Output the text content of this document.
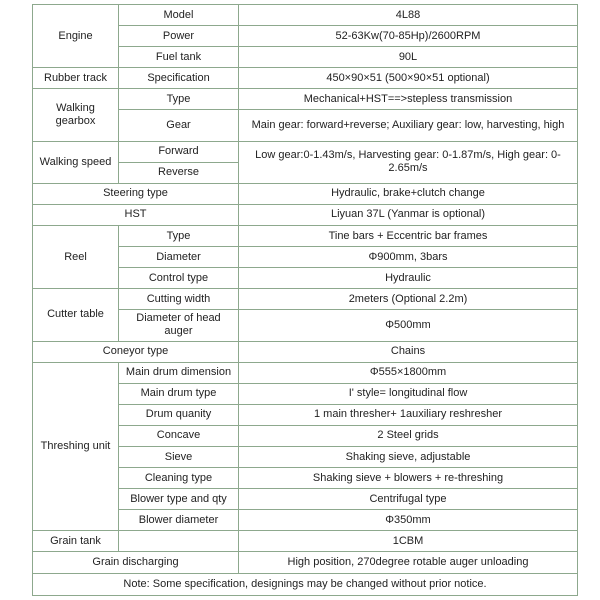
Engine	Model	4L88
	Power	52-63Kw(70-85Hp)/2600RPM
	Fuel tank	90L
Rubber track	Specification	450×90×51 (500×90×51 optional)
Walking gearbox	Type	Mechanical+HST==>stepless transmission
	Gear	Main gear: forward+reverse; Auxiliary gear: low, harvesting, high
Walking speed	Forward	Low gear:0-1.43m/s, Harvesting gear: 0-1.87m/s, High gear: 0-2.65m/s
	Reverse	
Steering type		Hydraulic, brake+clutch change
HST		Liyuan 37L (Yanmar is optional)
Reel	Type	Tine bars + Eccentric bar frames
	Diameter	Φ900mm, 3bars
	Control type	Hydraulic
Cutter table	Cutting width	2meters (Optional 2.2m)
	Diameter of head auger	Φ500mm
Coneyor type		Chains
Threshing unit	Main drum dimension	Φ555×1800mm
	Main drum type	I' style= longitudinal flow
	Drum quanity	1 main thresher+ 1auxiliary reshresher
	Concave	2 Steel grids
	Sieve	Shaking sieve, adjustable
	Cleaning type	Shaking sieve + blowers + re-threshing
	Blower type and qty	Centrifugal type
	Blower diameter	Φ350mm
Grain tank		1CBM
Grain discharging		High position, 270degree rotable auger unloading
Note: Some specification, designings may be changed without prior notice.		
